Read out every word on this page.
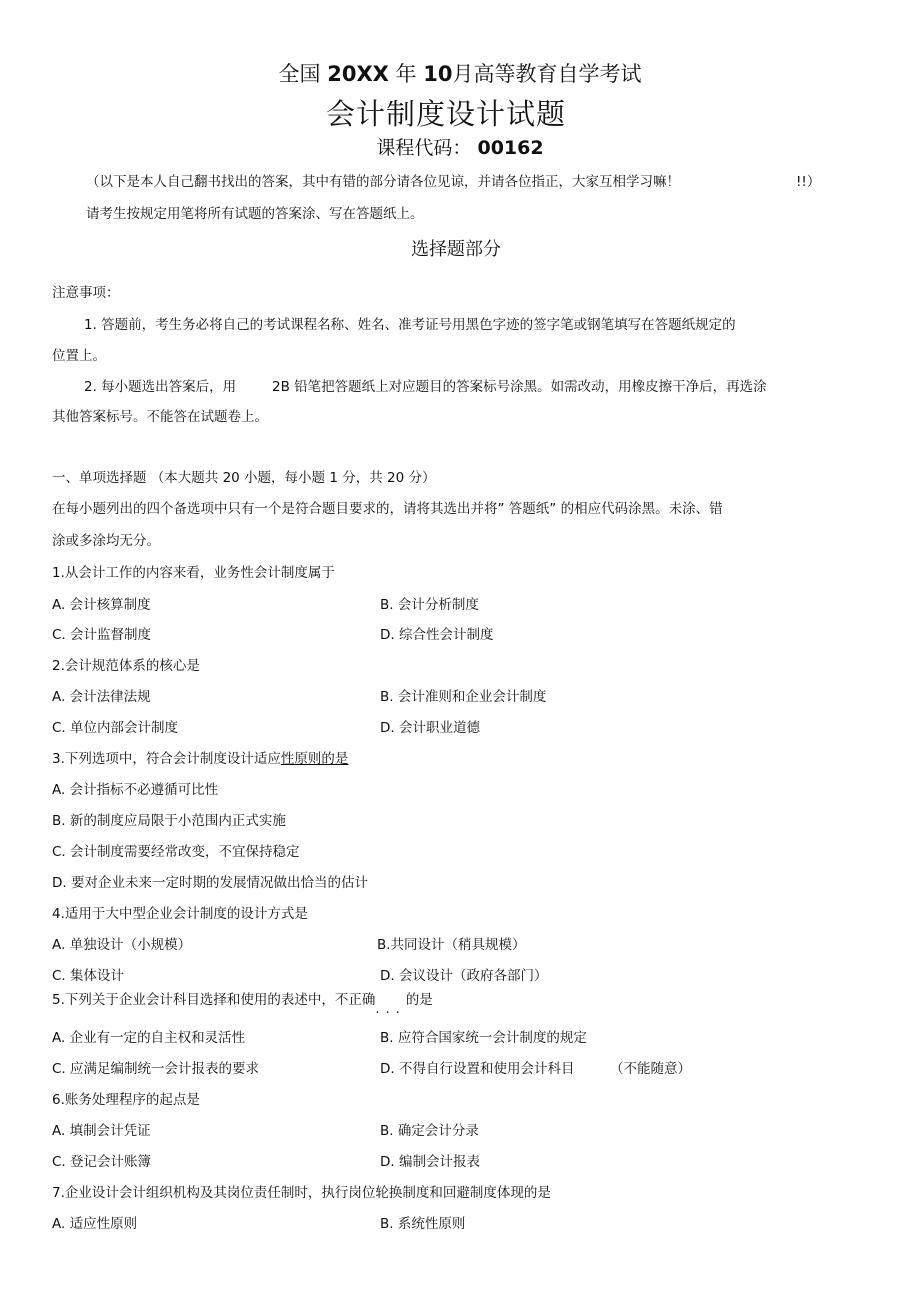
全国 20XX 年 10月高等教育自学考试
会计制度设计试题
课程代码： 00162
（以下是本人自己翻书找出的答案，其中有错的部分请各位见谅，并请各位指正，大家互相学习嘛！	!!）
请考生按规定用笔将所有试题的答案涂、写在答题纸上。
选择题部分
注意事项：
1. 答题前，考生务必将自己的考试课程名称、姓名、准考证号用黑色字迹的签字笔或钢笔填写在答题纸规定的
位置上。
2. 每小题选出答案后，用	2B 铅笔把答题纸上对应题目的答案标号涂黑。如需改动，用橡皮擦干净后，再选涂
其他答案标号。不能答在试题卷上。
一、单项选择题 （本大题共 20 小题，每小题 1 分，共 20 分）
在每小题列出的四个备选项中只有一个是符合题目要求的，请将其选出并将” 答题纸” 的相应代码涂黑。未涂、错
涂或多涂均无分。
1.从会计工作的内容来看，业务性会计制度属于
A. 会计核算制度	B. 会计分析制度
C. 会计监督制度	D. 综合性会计制度
2.会计规范体系的核心是
A. 会计法律法规	B. 会计准则和企业会计制度
C. 单位内部会计制度	D. 会计职业道德
3.下列选项中，符合会计制度设计适应性原则的是
A. 会计指标不必遵循可比性
B. 新的制度应局限于小范围内正式实施
C. 会计制度需要经常改变，不宜保持稳定
D. 要对企业未来一定时期的发展情况做出恰当的估计
4.适用于大中型企业会计制度的设计方式是
A. 单独设计（小规模）	B.共同设计（稍具规模）
C. 集体设计	D. 会议设计（政府各部门）
5.下列关于企业会计科目选择和使用的表述中，不正确...的是
A. 企业有一定的自主权和灵活性	B. 应符合国家统一会计制度的规定
C. 应满足编制统一会计报表的要求	D. 不得自行设置和使用会计科目	（不能随意）
6.账务处理程序的起点是
A. 填制会计凭证	B. 确定会计分录
C. 登记会计账簿	D. 编制会计报表
7.企业设计会计组织机构及其岗位责任制时，执行岗位轮换制度和回避制度体现的是
A. 适应性原则	B. 系统性原则
